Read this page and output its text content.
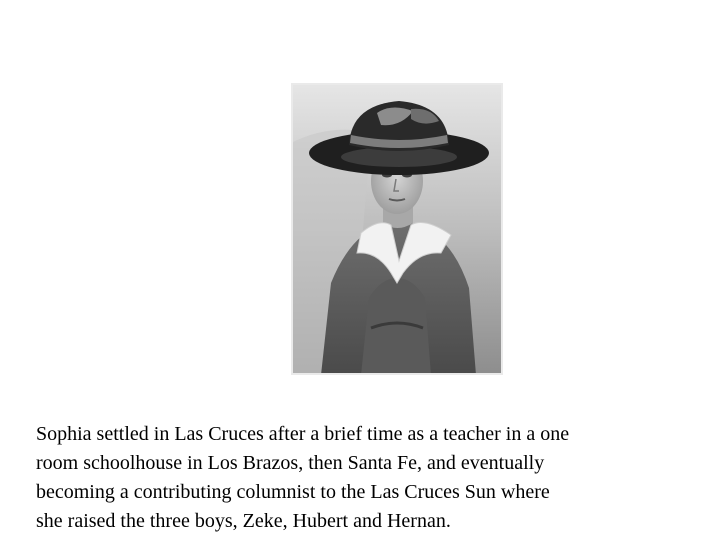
Sophia settled in Las Cruces after a brief time as a teacher in a one
room schoolhouse in Los Brazos, then Santa Fe, and eventually
becoming a contributing columnist to the Las Cruces Sun where
she raised the three boys, Zeke, Hubert and Hernan.
